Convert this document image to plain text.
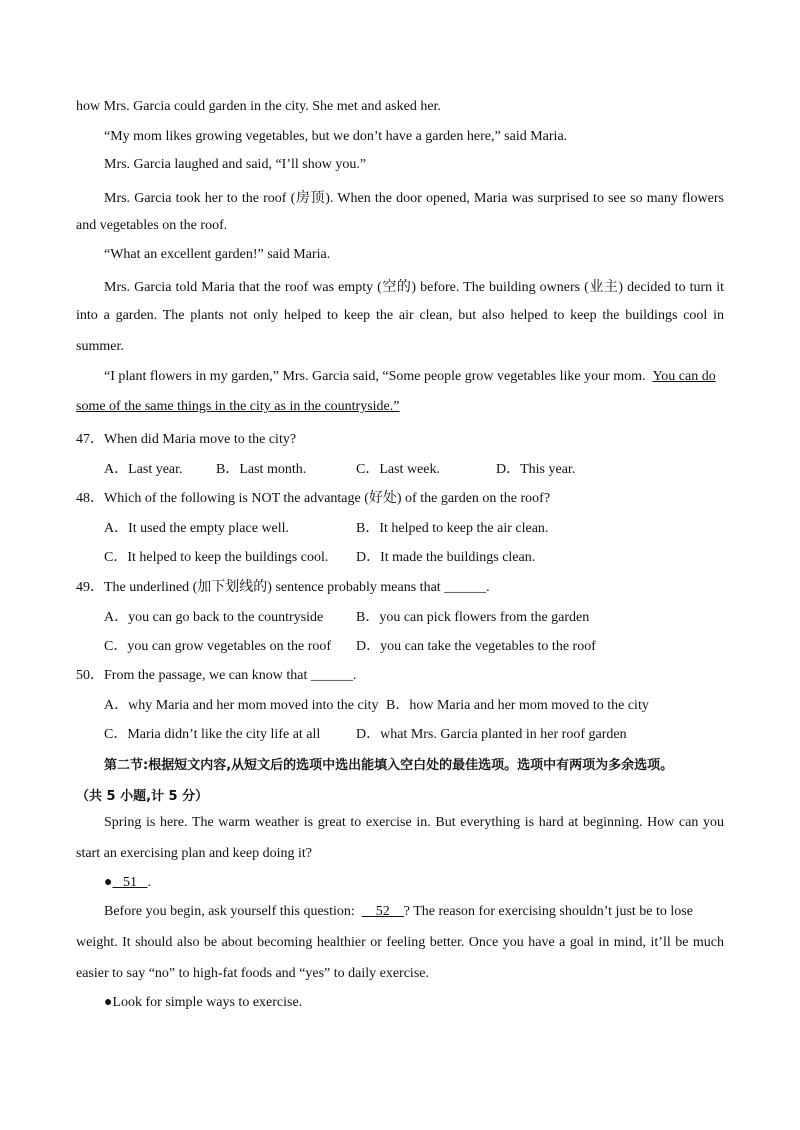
how Mrs. Garcia could garden in the city. She met and asked her.
“My mom likes growing vegetables, but we don’t have a garden here,” said Maria.
Mrs. Garcia laughed and said, “I’ll show you.”
Mrs. Garcia took her to the roof (房顶). When the door opened, Maria was surprised to see so many flowers
and vegetables on the roof.
“What an excellent garden!” said Maria.
Mrs. Garcia told Maria that the roof was empty (空的) before. The building owners (业主) decided to turn it
into a garden. The plants not only helped to keep the air clean, but also helped to keep the buildings cool in
summer.
“I plant flowers in my garden,” Mrs. Garcia said, “Some people grow vegetables like your mom. You can do
some of the same things in the city as in the countryside.”
47．When did Maria move to the city?
A．Last year. B．Last month.	C．Last week.	D．This year.
48．Which of the following is NOT the advantage (好处) of the garden on the roof?
A．It used the empty place well.	B．It helped to keep the air clean.
C．It helped to keep the buildings cool. D．It made the buildings clean.
49．The underlined (加下划线的) sentence probably means that ______.
A．you can go back to the countryside B．you can pick flowers from the garden
C．you can grow vegetables on the roof D．you can take the vegetables to the roof
50．From the passage, we can know that ______.
A．why Maria and her mom moved into the city B．how Maria and her mom moved to the city
C．Maria didn’t like the city life at all	D．what Mrs. Garcia planted in her roof garden
第二节:根据短文内容,从短文后的选项中选出能填入空白处的最佳选项。选项中有两项为多余选项。
（共 5 小题,计 5 分）
Spring is here. The warm weather is great to exercise in. But everything is hard at beginning. How can you
start an exercising plan and keep doing it?
● 51 .
Before you begin, ask yourself this question: 52 ? The reason for exercising shouldn’t just be to lose
weight. It should also be about becoming healthier or feeling better. Once you have a goal in mind, it’ll be much
easier to say “no” to high-fat foods and “yes” to daily exercise.
●Look for simple ways to exercise.
